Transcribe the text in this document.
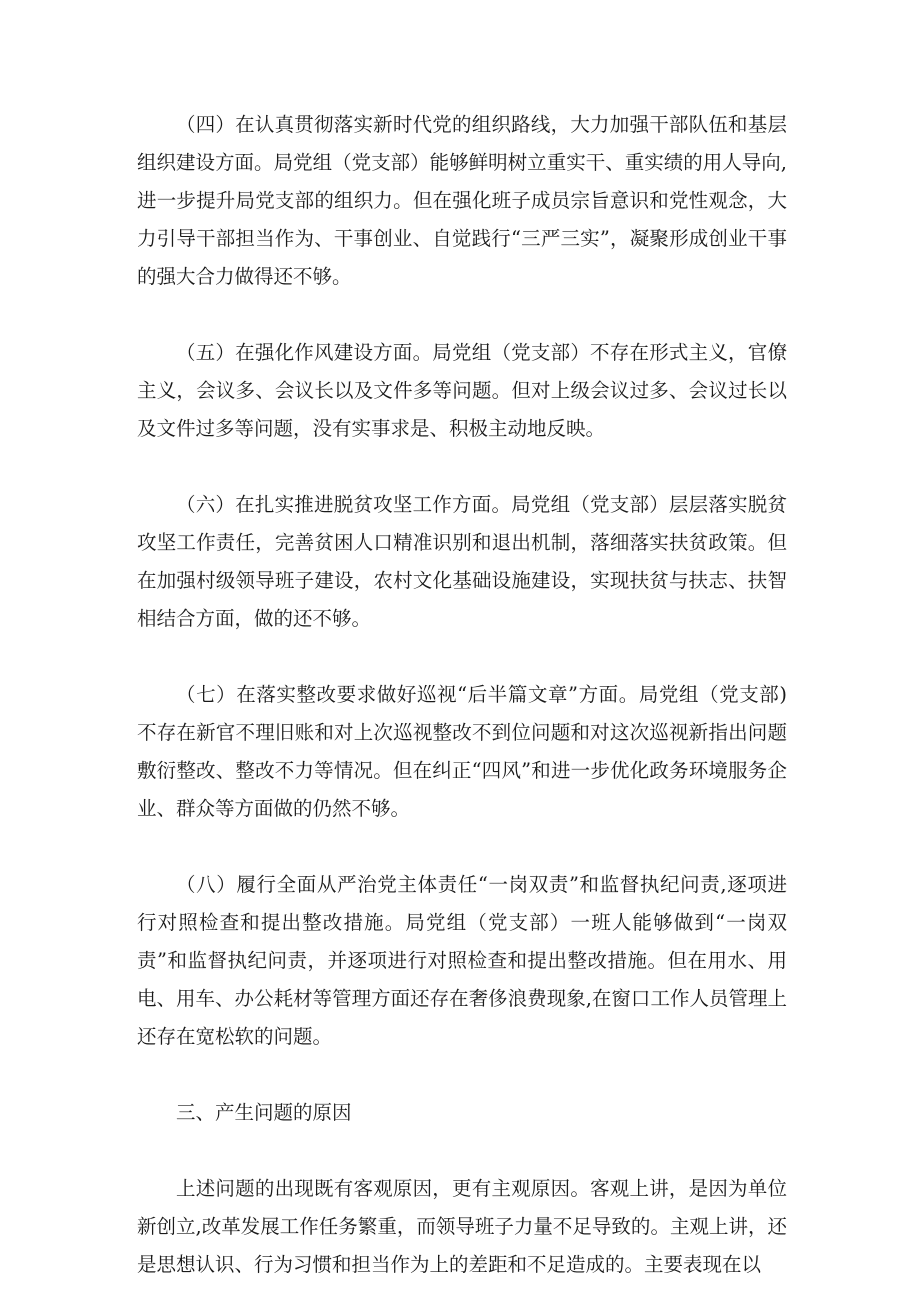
（四）在认真贯彻落实新时代党的组织路线，大力加强干部队伍和基层组织建设方面。局党组（党支部）能够鲜明树立重实干、重实绩的用人导向,进一步提升局党支部的组织力。但在强化班子成员宗旨意识和党性观念，大力引导干部担当作为、干事创业、自觉践行“三严三实”，凝聚形成创业干事的强大合力做得还不够。

（五）在强化作风建设方面。局党组（党支部）不存在形式主义，官僚主义，会议多、会议长以及文件多等问题。但对上级会议过多、会议过长以及文件过多等问题，没有实事求是、积极主动地反映。

（六）在扎实推进脱贫攻坚工作方面。局党组（党支部）层层落实脱贫攻坚工作责任，完善贫困人口精准识别和退出机制，落细落实扶贫政策。但在加强村级领导班子建设，农村文化基础设施建设，实现扶贫与扶志、扶智相结合方面，做的还不够。

（七）在落实整改要求做好巡视“后半篇文章”方面。局党组（党支部)不存在新官不理旧账和对上次巡视整改不到位问题和对这次巡视新指出问题敷衍整改、整改不力等情况。但在纠正“四风”和进一步优化政务环境服务企业、群众等方面做的仍然不够。

（八）履行全面从严治党主体责任“一岗双责”和监督执纪问责,逐项进行对照检查和提出整改措施。局党组（党支部）一班人能够做到“一岗双责”和监督执纪问责，并逐项进行对照检查和提出整改措施。但在用水、用电、用车、办公耗材等管理方面还存在奢侈浪费现象,在窗口工作人员管理上还存在宽松软的问题。

三、产生问题的原因

上述问题的出现既有客观原因，更有主观原因。客观上讲，是因为单位新创立,改革发展工作任务繁重，而领导班子力量不足导致的。主观上讲，还是思想认识、行为习惯和担当作为上的差距和不足造成的。主要表现在以
